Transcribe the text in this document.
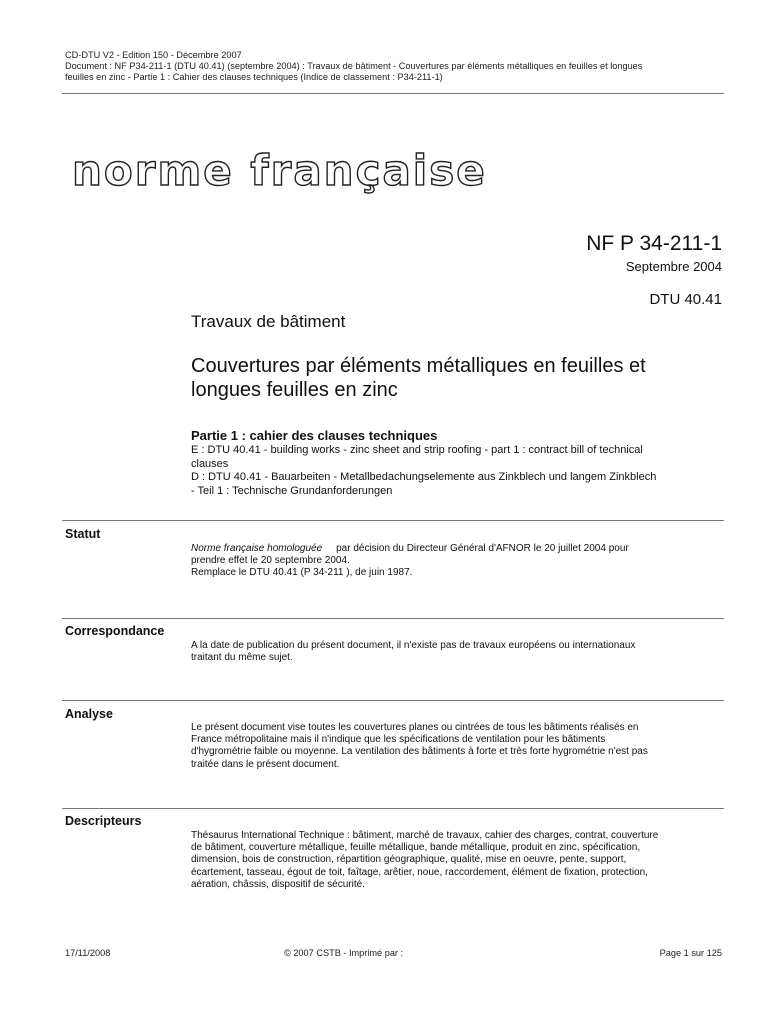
CD-DTU V2 - Edition 150 - Décembre 2007
Document : NF P34-211-1 (DTU 40.41) (septembre 2004) : Travaux de bâtiment - Couvertures par éléments métalliques en feuilles et longues
feuilles en zinc - Partie 1 : Cahier des clauses techniques (Indice de classement : P34-211-1)
norme française
NF P 34-211-1
Septembre 2004
DTU 40.41
Travaux de bâtiment
Couvertures par éléments métalliques en feuilles et
longues feuilles en zinc
Partie 1 : cahier des clauses techniques
E : DTU 40.41 - building works - zinc sheet and strip roofing - part 1 : contract bill of technical
clauses
D : DTU 40.41 - Bauarbeiten - Metallbedachungselemente aus Zinkblech und langem Zinkblech
- Teil 1 : Technische Grundanforderungen
Statut
Norme française homologuée par décision du Directeur Général d'AFNOR le 20 juillet 2004 pour
prendre effet le 20 septembre 2004.
Remplace le DTU 40.41 (P 34-211 ), de juin 1987.
Correspondance
A la date de publication du présent document, il n'existe pas de travaux européens ou internationaux
traitant du même sujet.
Analyse
Le présent document vise toutes les couvertures planes ou cintrées de tous les bâtiments réalisés en
France métropolitaine mais il n'indique que les spécifications de ventilation pour les bâtiments
d'hygrométrie faible ou moyenne. La ventilation des bâtiments à forte et très forte hygrométrie n'est pas
traitée dans le présent document.
Descripteurs
Thésaurus International Technique : bâtiment, marché de travaux, cahier des charges, contrat, couverture
de bâtiment, couverture métallique, feuille métallique, bande métallique, produit en zinc, spécification,
dimension, bois de construction, répartition géographique, qualité, mise en oeuvre, pente, support,
écartement, tasseau, égout de toit, faîtage, arêtier, noue, raccordement, élément de fixation, protection,
aération, châssis, dispositif de sécurité.
17/11/2008	© 2007 CSTB - Imprimé par :	Page 1 sur 125
